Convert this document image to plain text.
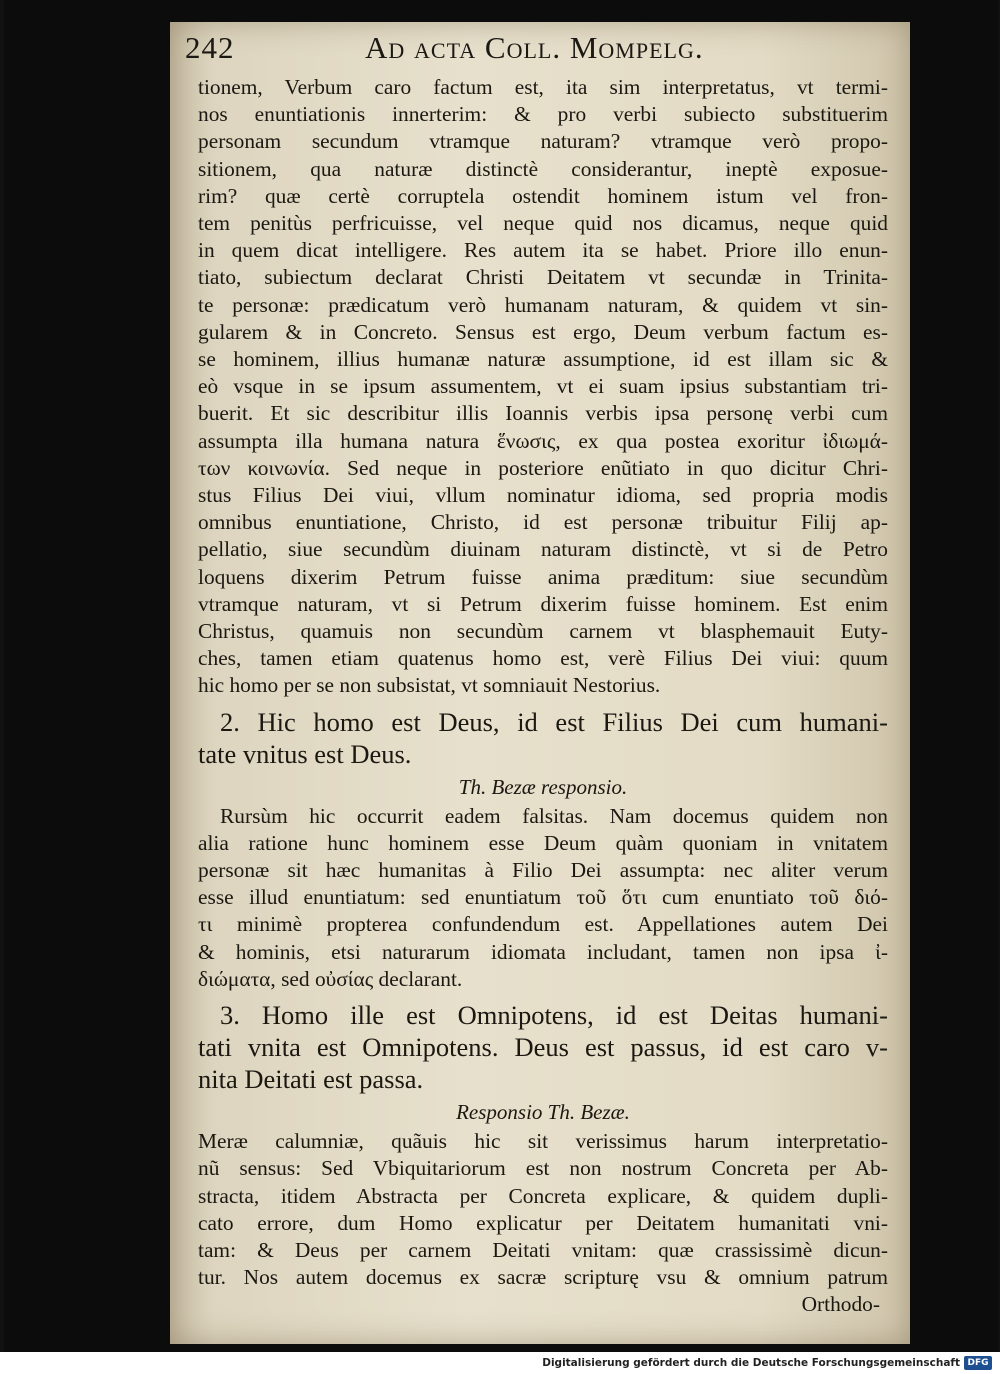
242	Ad acta Coll. Mompelg.
tionem, Verbum caro factum est, ita sim interpretatus, vt termi-
nos enuntiationis innerterim: & pro verbi subiecto substituerim
personam secundum vtramque naturam? vtramque verò propo-
sitionem, qua naturæ distinctè considerantur, ineptè exposue-
rim? quæ certè corruptela ostendit hominem istum vel fron-
tem penitùs perfricuisse, vel neque quid nos dicamus, neque quid
in quem dicat intelligere. Res autem ita se habet. Priore illo enun-
tiato, subiectum declarat Christi Deitatem vt secundæ in Trinita-
te personæ: prædicatum verò humanam naturam, & quidem vt sin-
gularem & in Concreto. Sensus est ergo, Deum verbum factum es-
se hominem, illius humanæ naturæ assumptione, id est illam sic &
eò vsque in se ipsum assumentem, vt ei suam ipsius substantiam tri-
buerit. Et sic describitur illis Ioannis verbis ipsa personę verbi cum
assumpta illa humana natura ἕνωσις, ex qua postea exoritur ἰδιωμά-
των κοινωνία. Sed neque in posteriore enũtiato in quo dicitur Chri-
stus Filius Dei viui, vllum nominatur idioma, sed propria modis
omnibus enuntiatione, Christo, id est personæ tribuitur Filij ap-
pellatio, siue secundùm diuinam naturam distinctè, vt si de Petro
loquens dixerim Petrum fuisse anima præditum: siue secundùm
vtramque naturam, vt si Petrum dixerim fuisse hominem. Est enim
Christus, quamuis non secundùm carnem vt blasphemauit Euty-
ches, tamen etiam quatenus homo est, verè Filius Dei viui: quum
hic homo per se non subsistat, vt somniauit Nestorius.
2. Hic homo est Deus, id est Filius Dei cum humani-
tate vnitus est Deus.
Th. Bezæ responsio.
Rursùm hic occurrit eadem falsitas. Nam docemus quidem non
alia ratione hunc hominem esse Deum quàm quoniam in vnitatem
personæ sit hæc humanitas à Filio Dei assumpta: nec aliter verum
esse illud enuntiatum: sed enuntiatum τοῦ ὅτι cum enuntiato τοῦ διό-
τι minimè propterea confundendum est. Appellationes autem Dei
& hominis, etsi naturarum idiomata includant, tamen non ipsa ἰ-
διώματα, sed οὐσίας declarant.
3. Homo ille est Omnipotens, id est Deitas humani-
tati vnita est Omnipotens. Deus est passus, id est caro v-
nita Deitati est passa.
Responsio Th. Bezæ.
Meræ calumniæ, quãuis hic sit verissimus harum interpretatio-
nũ sensus: Sed Vbiquitariorum est non nostrum Concreta per Ab-
stracta, itidem Abstracta per Concreta explicare, & quidem dupli-
cato errore, dum Homo explicatur per Deitatem humanitati vni-
tam: & Deus per carnem Deitati vnitam: quæ crassissimè dicun-
tur. Nos autem docemus ex sacræ scripturę vsu & omnium patrum
Orthodo-
Digitalisierung gefördert durch die Deutsche Forschungsgemeinschaft DFG
